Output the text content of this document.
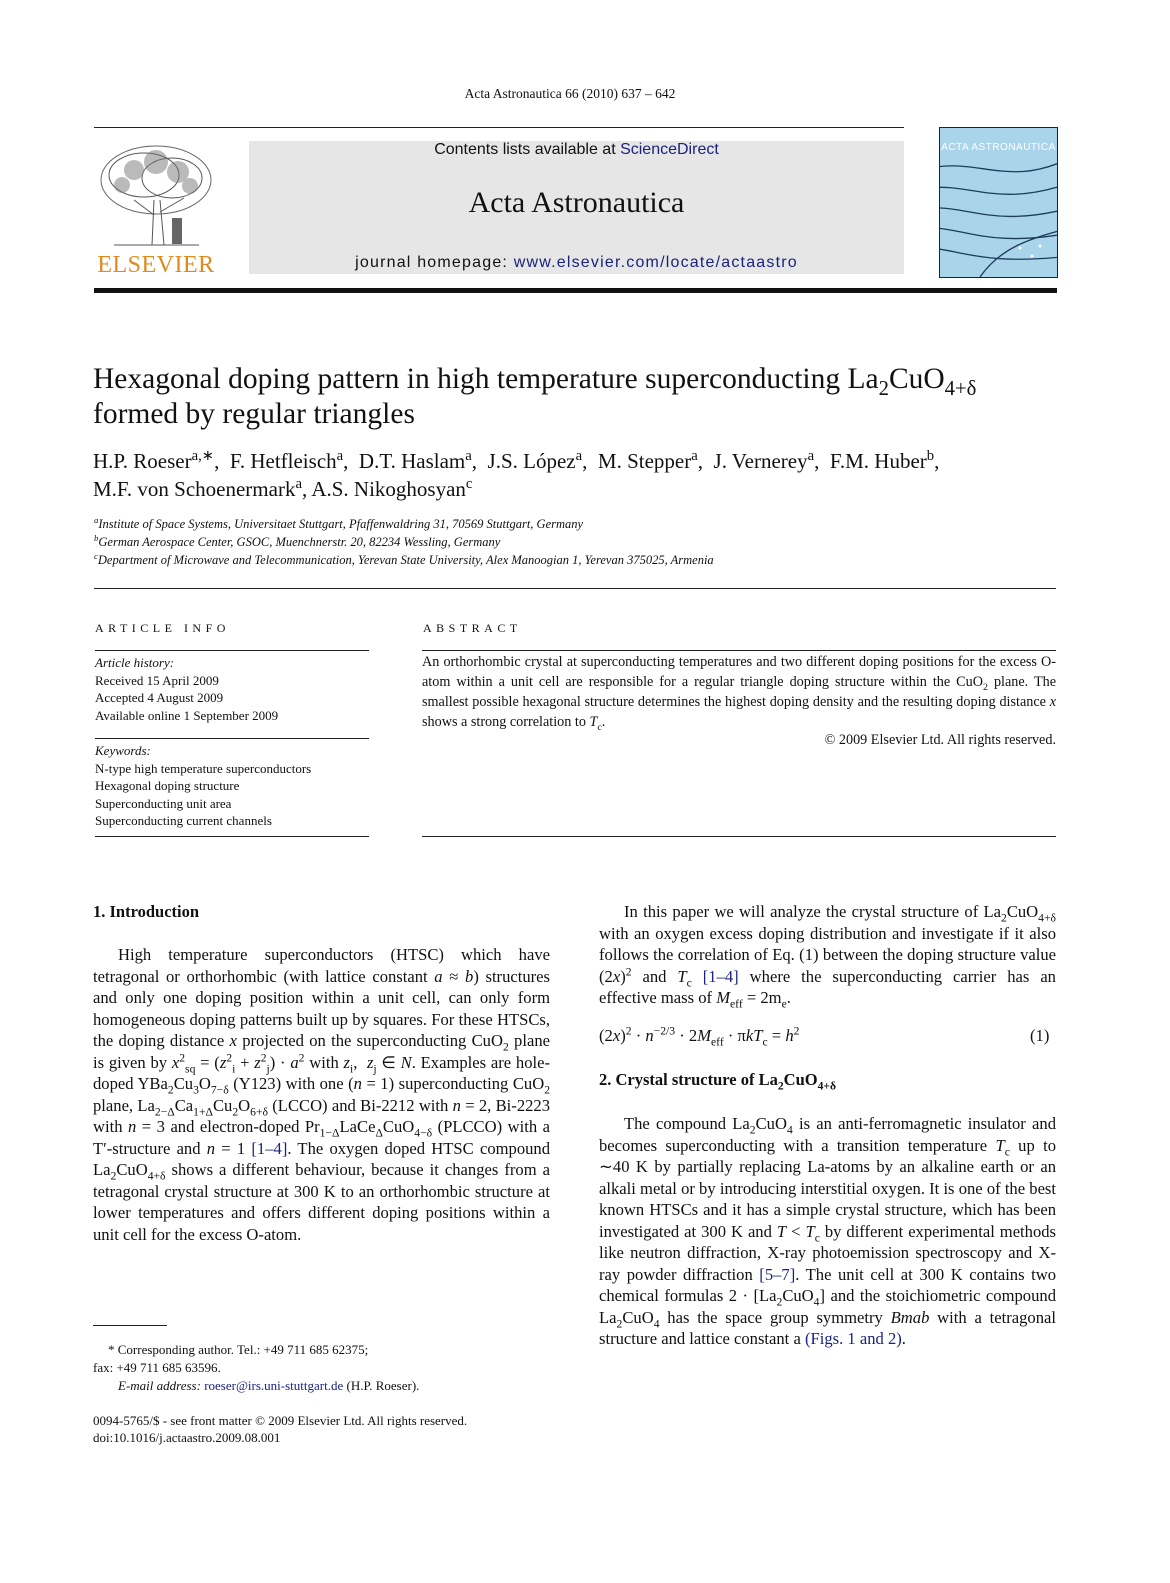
Acta Astronautica 66 (2010) 637 – 642
ELSEVIER
Contents lists available at ScienceDirect
Acta Astronautica
journal homepage: www.elsevier.com/locate/actaastro
ACTA ASTRONAUTICA
Hexagonal doping pattern in high temperature superconducting $La_2CuO_{4+\delta}$
formed by regular triangles
H.P. Roeser$^{a,∗}$,  F. Hetfleisch$^a$,  D.T. Haslam$^a$,  J.S. López$^a$,  M. Stepper$^a$,  J. Vernerey$^a$,  F.M. Huber$^b$,
M.F. von Schoenermark$^a$, A.S. Nikoghosyan$^c$
$^a$Institute of Space Systems, Universitaet Stuttgart, Pfaffenwaldring 31, 70569 Stuttgart, Germany
$^b$German Aerospace Center, GSOC, Muenchnerstr. 20, 82234 Wessling, Germany
$^c$Department of Microwave and Telecommunication, Yerevan State University, Alex Manoogian 1, Yerevan 375025, Armenia
ARTICLE INFO
Article history:
Received 15 April 2009
Accepted 4 August 2009
Available online 1 September 2009
Keywords:
N-type high temperature superconductors
Hexagonal doping structure
Superconducting unit area
Superconducting current channels
ABSTRACT
An orthorhombic crystal at superconducting temperatures and two different doping positions for the excess O-atom within a unit cell are responsible for a regular triangle doping structure within the CuO$_2$ plane. The smallest possible hexagonal structure determines the highest doping density and the resulting doping distance x shows a strong correlation to $T_c$.
© 2009 Elsevier Ltd. All rights reserved.
1. Introduction
High temperature superconductors (HTSC) which have tetragonal or orthorhombic (with lattice constant a ≈ b) structures and only one doping position within a unit cell, can only form homogeneous doping patterns built up by squares. For these HTSCs, the doping distance x projected on the superconducting CuO$_2$ plane is given by $x^2_{sq} = (z^2_i + z^2_j) \cdot a^2$ with $z_i$,  $z_j$ ∈ N. Examples are hole-doped $YBa_2Cu_3O_{7-\delta}$ (Y123) with one (n = 1) superconducting CuO$_2$ plane, $La_{2-\Delta}Ca_{1+\Delta}Cu_2O_{6+\delta}$ (LCCO) and Bi-2212 with n = 2, Bi-2223 with n = 3 and electron-doped $Pr_{1-\Delta}LaCe_\Delta CuO_{4-\delta}$ (PLCCO) with a T′-structure and n = 1 [1–4]. The oxygen doped HTSC compound $La_2CuO_{4+\delta}$ shows a different behaviour, because it changes from a tetragonal crystal structure at 300 K to an orthorhombic structure at lower temperatures and offers different doping positions within a unit cell for the excess O-atom.
* Corresponding author. Tel.: +49 711 685 62375;
fax: +49 711 685 63596.
E-mail address: roeser@irs.uni-stuttgart.de (H.P. Roeser).
0094-5765/$ - see front matter © 2009 Elsevier Ltd. All rights reserved.
doi:10.1016/j.actaastro.2009.08.001
In this paper we will analyze the crystal structure of $La_2CuO_{4+\delta}$ with an oxygen excess doping distribution and investigate if it also follows the correlation of Eq. (1) between the doping structure value $(2x)^2$ and $T_c$ [1–4] where the superconducting carrier has an effective mass of $M_{eff} = 2m_e$.
$(2x)^2 \cdot n^{-2/3} \cdot 2M_{eff} \cdot \pi kT_c = h^2$	(1)
2. Crystal structure of $La_2CuO_{4+\delta}$
The compound $La_2CuO_4$ is an anti-ferromagnetic insulator and becomes superconducting with a transition temperature $T_c$ up to ∼40 K by partially replacing La-atoms by an alkaline earth or an alkali metal or by introducing interstitial oxygen. It is one of the best known HTSCs and it has a simple crystal structure, which has been investigated at 300 K and $T < T_c$ by different experimental methods like neutron diffraction, X-ray photoemission spectroscopy and X-ray powder diffraction [5–7]. The unit cell at 300 K contains two chemical formulas $2 \cdot [La_2CuO_4]$ and the stoichiometric compound $La_2CuO_4$ has the space group symmetry Bmab with a tetragonal structure and lattice constant a (Figs. 1 and 2).
